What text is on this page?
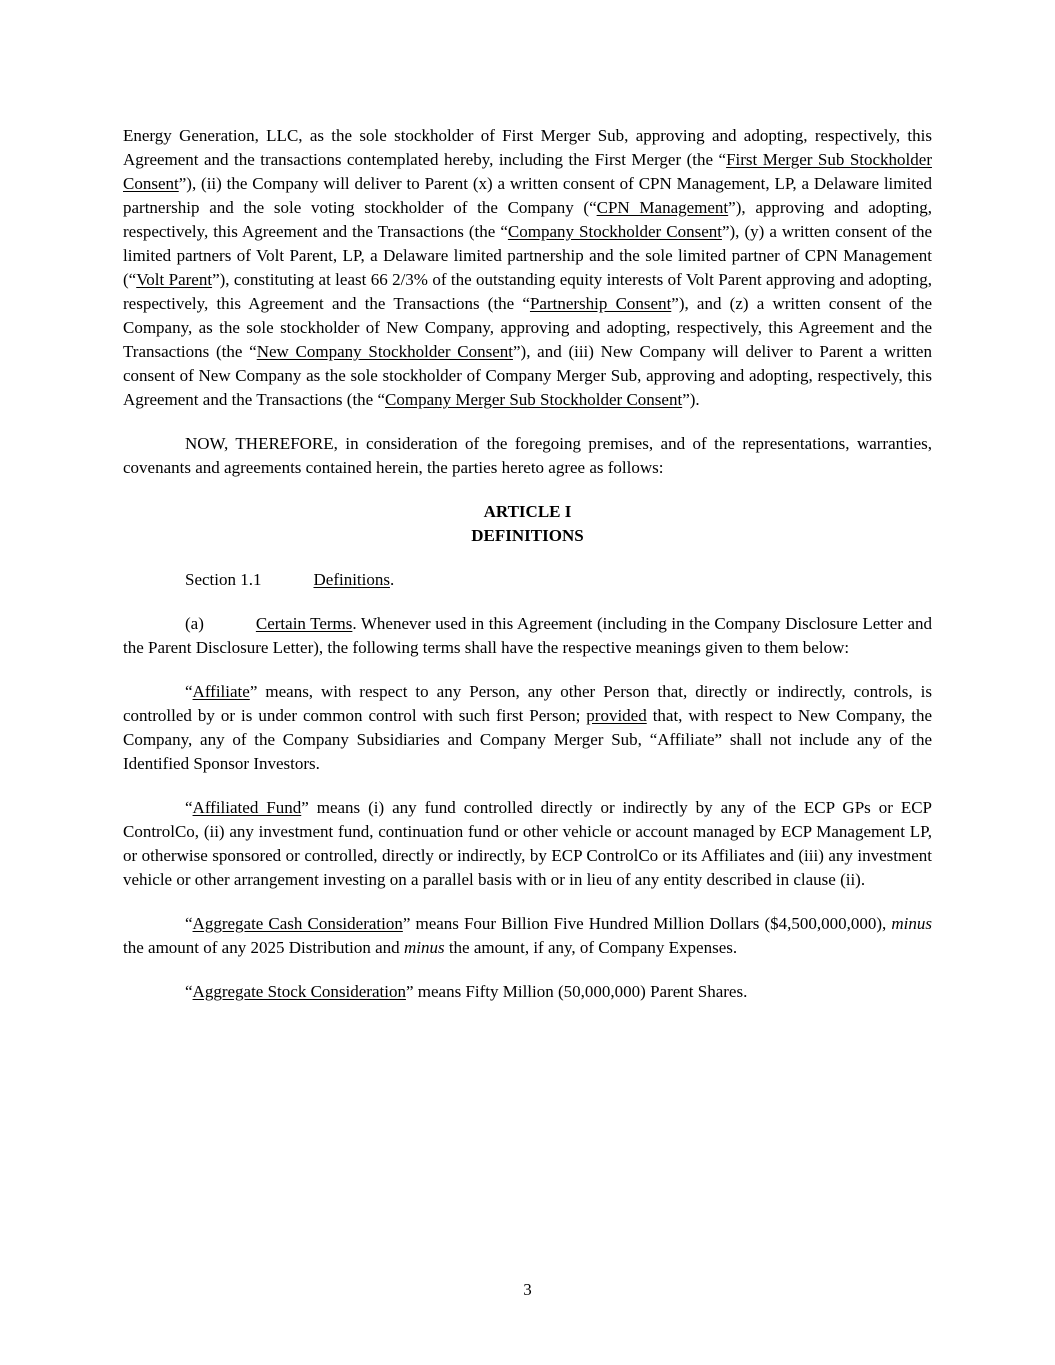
Energy Generation, LLC, as the sole stockholder of First Merger Sub, approving and adopting, respectively, this Agreement and the transactions contemplated hereby, including the First Merger (the “First Merger Sub Stockholder Consent”), (ii) the Company will deliver to Parent (x) a written consent of CPN Management, LP, a Delaware limited partnership and the sole voting stockholder of the Company (“CPN Management”), approving and adopting, respectively, this Agreement and the Transactions (the “Company Stockholder Consent”), (y) a written consent of the limited partners of Volt Parent, LP, a Delaware limited partnership and the sole limited partner of CPN Management (“Volt Parent”), constituting at least 66 2/3% of the outstanding equity interests of Volt Parent approving and adopting, respectively, this Agreement and the Transactions (the “Partnership Consent”), and (z) a written consent of the Company, as the sole stockholder of New Company, approving and adopting, respectively, this Agreement and the Transactions (the “New Company Stockholder Consent”), and (iii) New Company will deliver to Parent a written consent of New Company as the sole stockholder of Company Merger Sub, approving and adopting, respectively, this Agreement and the Transactions (the “Company Merger Sub Stockholder Consent”).
NOW, THEREFORE, in consideration of the foregoing premises, and of the representations, warranties, covenants and agreements contained herein, the parties hereto agree as follows:
ARTICLE I
DEFINITIONS
Section 1.1	Definitions.
(a)	Certain Terms. Whenever used in this Agreement (including in the Company Disclosure Letter and the Parent Disclosure Letter), the following terms shall have the respective meanings given to them below:
“Affiliate” means, with respect to any Person, any other Person that, directly or indirectly, controls, is controlled by or is under common control with such first Person; provided that, with respect to New Company, the Company, any of the Company Subsidiaries and Company Merger Sub, “Affiliate” shall not include any of the Identified Sponsor Investors.
“Affiliated Fund” means (i) any fund controlled directly or indirectly by any of the ECP GPs or ECP ControlCo, (ii) any investment fund, continuation fund or other vehicle or account managed by ECP Management LP, or otherwise sponsored or controlled, directly or indirectly, by ECP ControlCo or its Affiliates and (iii) any investment vehicle or other arrangement investing on a parallel basis with or in lieu of any entity described in clause (ii).
“Aggregate Cash Consideration” means Four Billion Five Hundred Million Dollars ($4,500,000,000), minus the amount of any 2025 Distribution and minus the amount, if any, of Company Expenses.
“Aggregate Stock Consideration” means Fifty Million (50,000,000) Parent Shares.
3
